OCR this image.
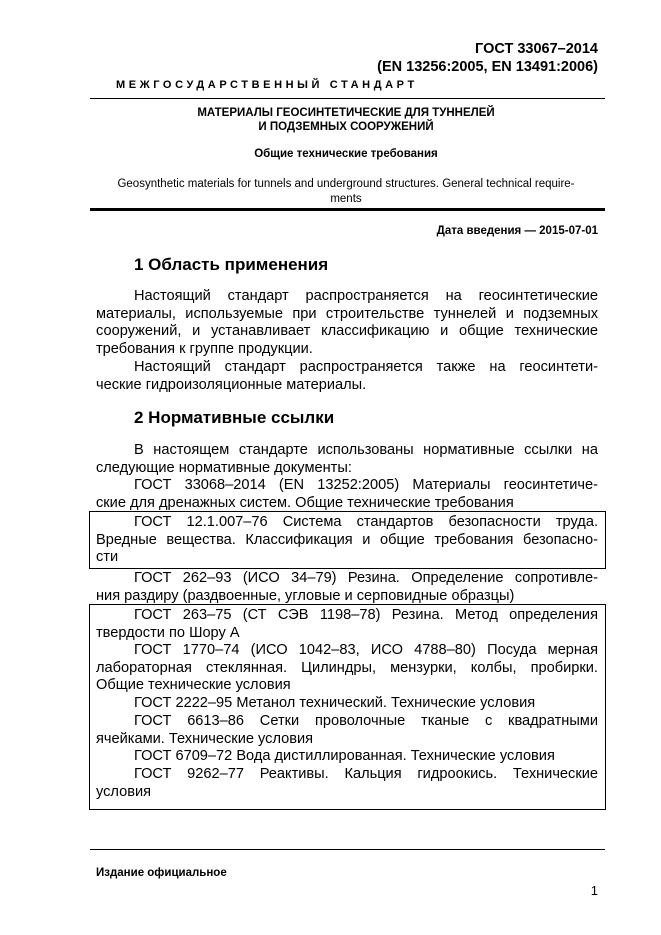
ГОСТ 33067–2014
(EN 13256:2005, EN 13491:2006)
МЕЖГОСУДАРСТВЕННЫЙ СТАНДАРТ
МАТЕРИАЛЫ ГЕОСИНТЕТИЧЕСКИЕ ДЛЯ ТУННЕЛЕЙ
И ПОДЗЕМНЫХ СООРУЖЕНИЙ
Общие технические требования
Geosynthetic materials for tunnels and underground structures. General technical require-
ments
Дата введения — 2015-07-01
1 Область применения
Настоящий стандарт распространяется на геосинтетические
материалы, используемые при строительстве туннелей и подземных
сооружений, и устанавливает классификацию и общие технические
требования к группе продукции.
Настоящий стандарт распространяется также на геосинтети-
ческие гидроизоляционные материалы.
2 Нормативные ссылки
В настоящем стандарте использованы нормативные ссылки на
следующие нормативные документы:
ГОСТ 33068–2014 (EN 13252:2005) Материалы геосинтетиче-
ские для дренажных систем. Общие технические требования
ГОСТ 12.1.007–76 Система стандартов безопасности труда.
Вредные вещества. Классификация и общие требования безопасно-
сти
ГОСТ 262–93 (ИСО 34–79) Резина. Определение сопротивле-
ния раздиру (раздвоенные, угловые и серповидные образцы)
ГОСТ 263–75 (СТ СЭВ 1198–78) Резина. Метод определения
твердости по Шору А
ГОСТ 1770–74 (ИСО 1042–83, ИСО 4788–80) Посуда мерная
лабораторная стеклянная. Цилиндры, мензурки, колбы, пробирки.
Общие технические условия
ГОСТ 2222–95 Метанол технический. Технические условия
ГОСТ 6613–86 Сетки проволочные тканые с квадратными
ячейками. Технические условия
ГОСТ 6709–72 Вода дистиллированная. Технические условия
ГОСТ 9262–77 Реактивы. Кальция гидроокись. Технические
условия
Издание официальное
1
